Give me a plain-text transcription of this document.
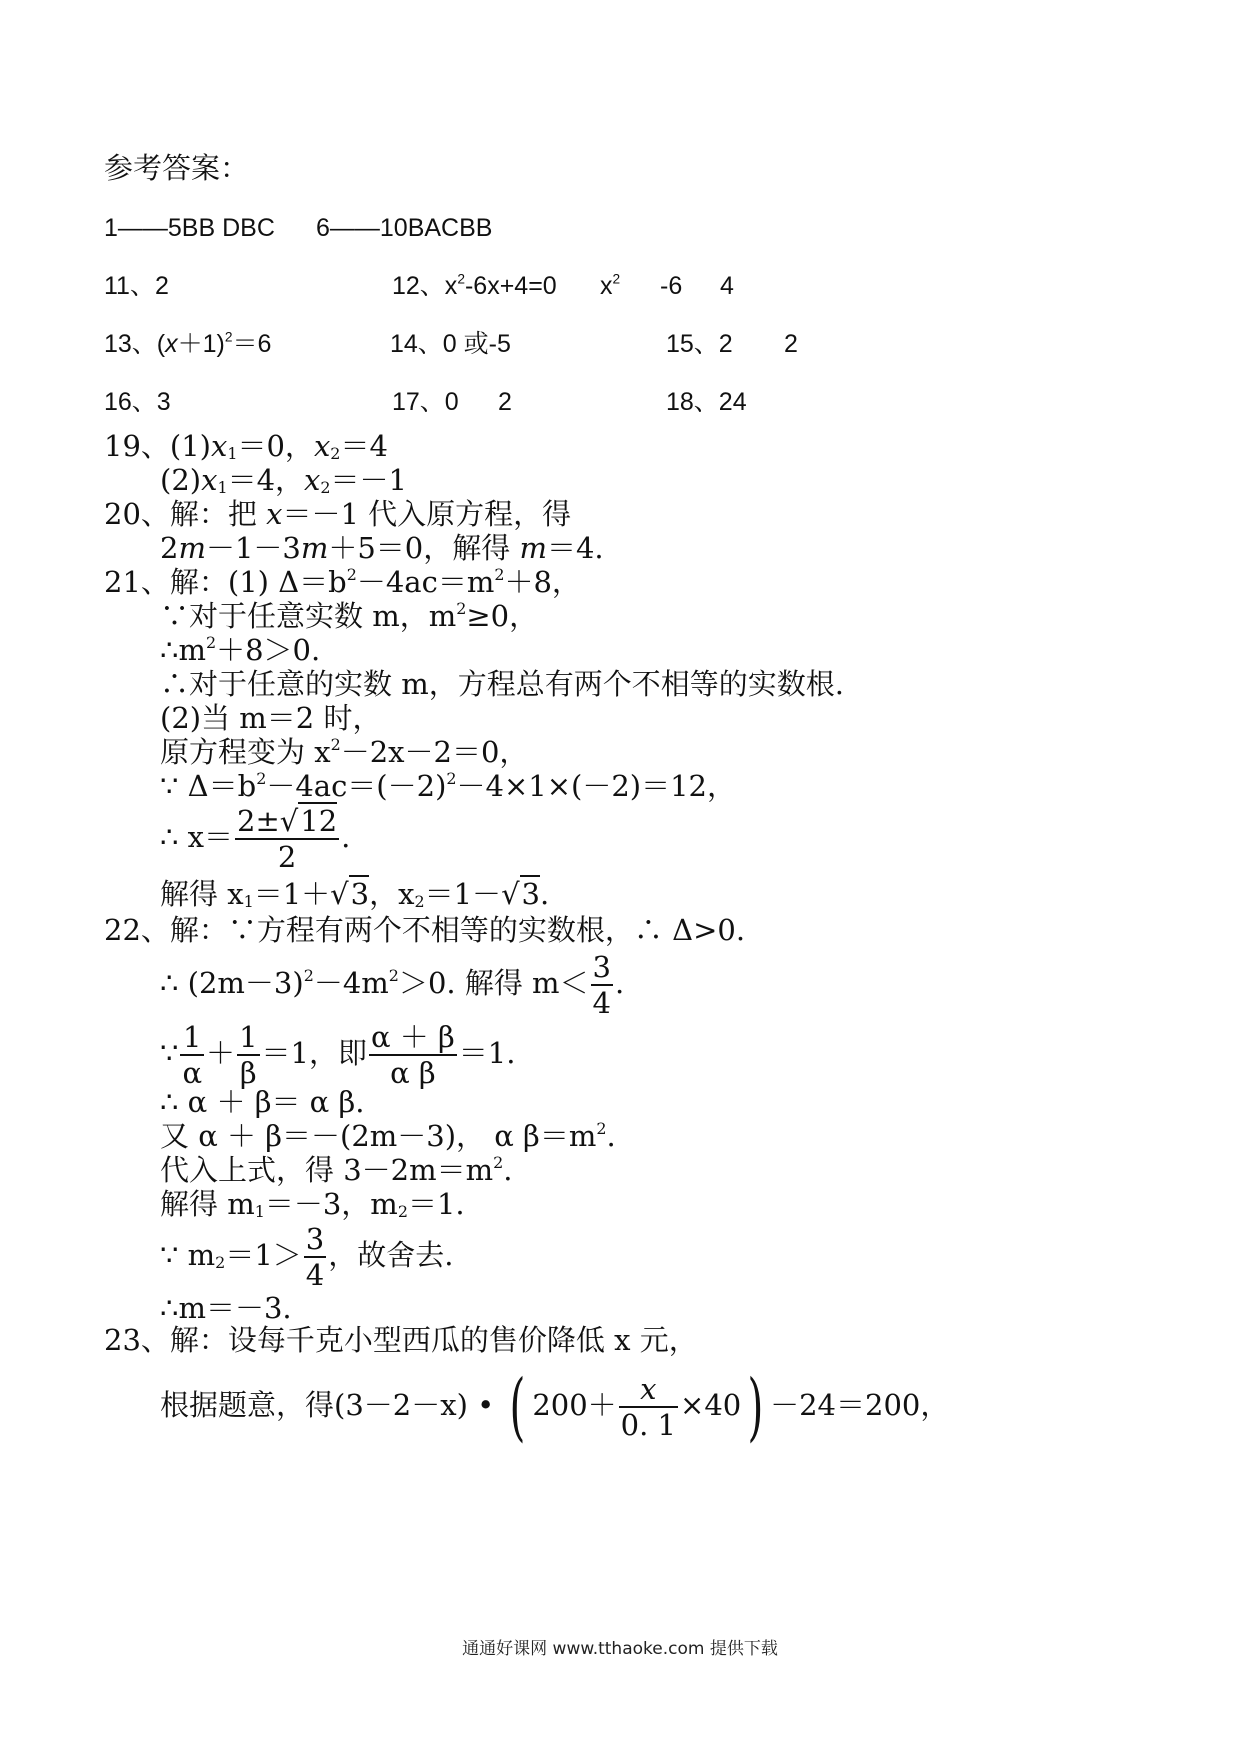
参考答案：
1——5BB DBC 6——10BACBB
11、2	12、$x^2-6x+4=0$ $x^2$ -6 4
13、$(x+1)^2=6$	14、0 或-5	15、2 2
16、3	17、0 2	18、24
19、$(1)x_1=0$，$x_2=4$
$(2)x_1=4$，$x_2=-1$
20、解：把 x＝－1 代入原方程，得
2m－1－3m＋5＝0，解得 m＝4.
21、解：(1) $\Delta=b^2-4ac=m^2+8$，
∵对于任意实数 m，$m^2\ge 0$，
$\therefore m^2+8>0$.
∴对于任意的实数 m，方程总有两个不相等的实数根.
(2)当 m＝2 时，
原方程变为 $x^2-2x-2=0$，
∵ $\Delta=b^2-4ac=(-2)^2-4\times 1\times(-2)=12$，
∴ $x= \frac{2\pm√12}{2}$ .
解得 $x_1=1+√3$，$x_2=1-√3$.
22、解：∵方程有两个不相等的实数根，∴ Δ>0.
∴ $(2m-3)^2-4m^2>0$. 解得 $m< \frac{3}{4}$ .
∵ $\frac{1}{\alpha} + \frac{1}{\beta} =1$，即 $\frac{\alpha + \beta}{\text{α β}} =1$.
∴ α ＋ β＝ α β.
又 α ＋ β＝－(2m－3)， α $\beta=m^2$.
代入上式，得 $3-2m=m^2$.
解得 $m_1=-3$，$m_2=1$.
∵ $m_2=1> \frac{3}{4}$ ，故舍去.
∴m＝－3.
23、解：设每千克小型西瓜的售价降低 x 元，
根据题意，得(3－2－x) • ( $200+ \frac{x}{0. 1} \times 40) -24=200$，
通通好课网 www.tthaoke.com 提供下载
